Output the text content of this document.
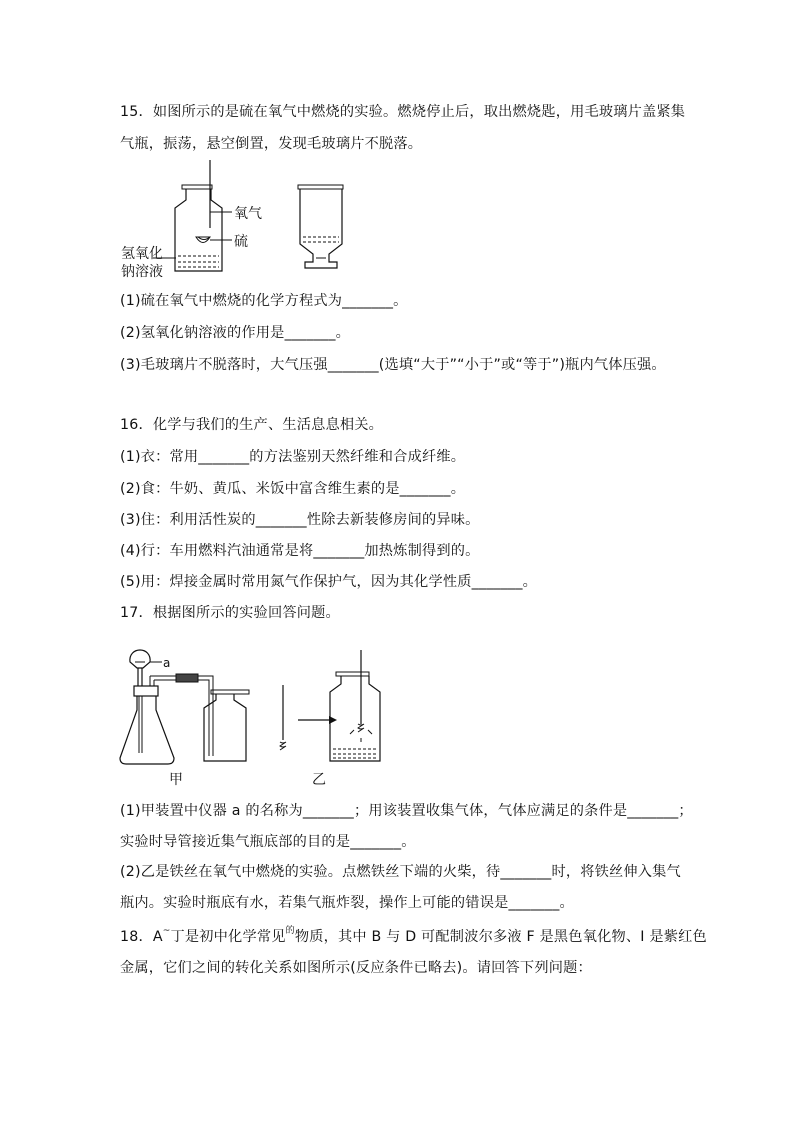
15．如图所示的是硫在氧气中燃烧的实验。燃烧停止后，取出燃烧匙，用毛玻璃片盖紧集
气瓶，振荡，悬空倒置，发现毛玻璃片不脱落。
氧气
硫
氢氧化
钠溶液
(1)硫在氧气中燃烧的化学方程式为_______。
(2)氢氧化钠溶液的作用是_______。
(3)毛玻璃片不脱落时，大气压强_______(选填“大于”“小于”或“等于”)瓶内气体压强。
16．化学与我们的生产、生活息息相关。
(1)衣：常用_______的方法鉴别天然纤维和合成纤维。
(2)食：牛奶、黄瓜、米饭中富含维生素的是_______。
(3)住：利用活性炭的_______性除去新装修房间的异味。
(4)行：车用燃料汽油通常是将_______加热炼制得到的。
(5)用：焊接金属时常用氮气作保护气，因为其化学性质_______。
17．根据图所示的实验回答问题。
a
甲	乙
(1)甲装置中仪器 a 的名称为_______；用该装置收集气体，气体应满足的条件是_______；
实验时导管接近集气瓶底部的目的是_______。
(2)乙是铁丝在氧气中燃烧的实验。点燃铁丝下端的火柴，待_______时，将铁丝伸入集气
瓶内。实验时瓶底有水，若集气瓶炸裂，操作上可能的错误是_______。
18．A~丁是初中化学常见$^的$物质，其中 B 与 D 可配制波尔多液 F 是黑色氧化物、I 是紫红色
金属，它们之间的转化关系如图所示(反应条件已略去)。请回答下列问题：
